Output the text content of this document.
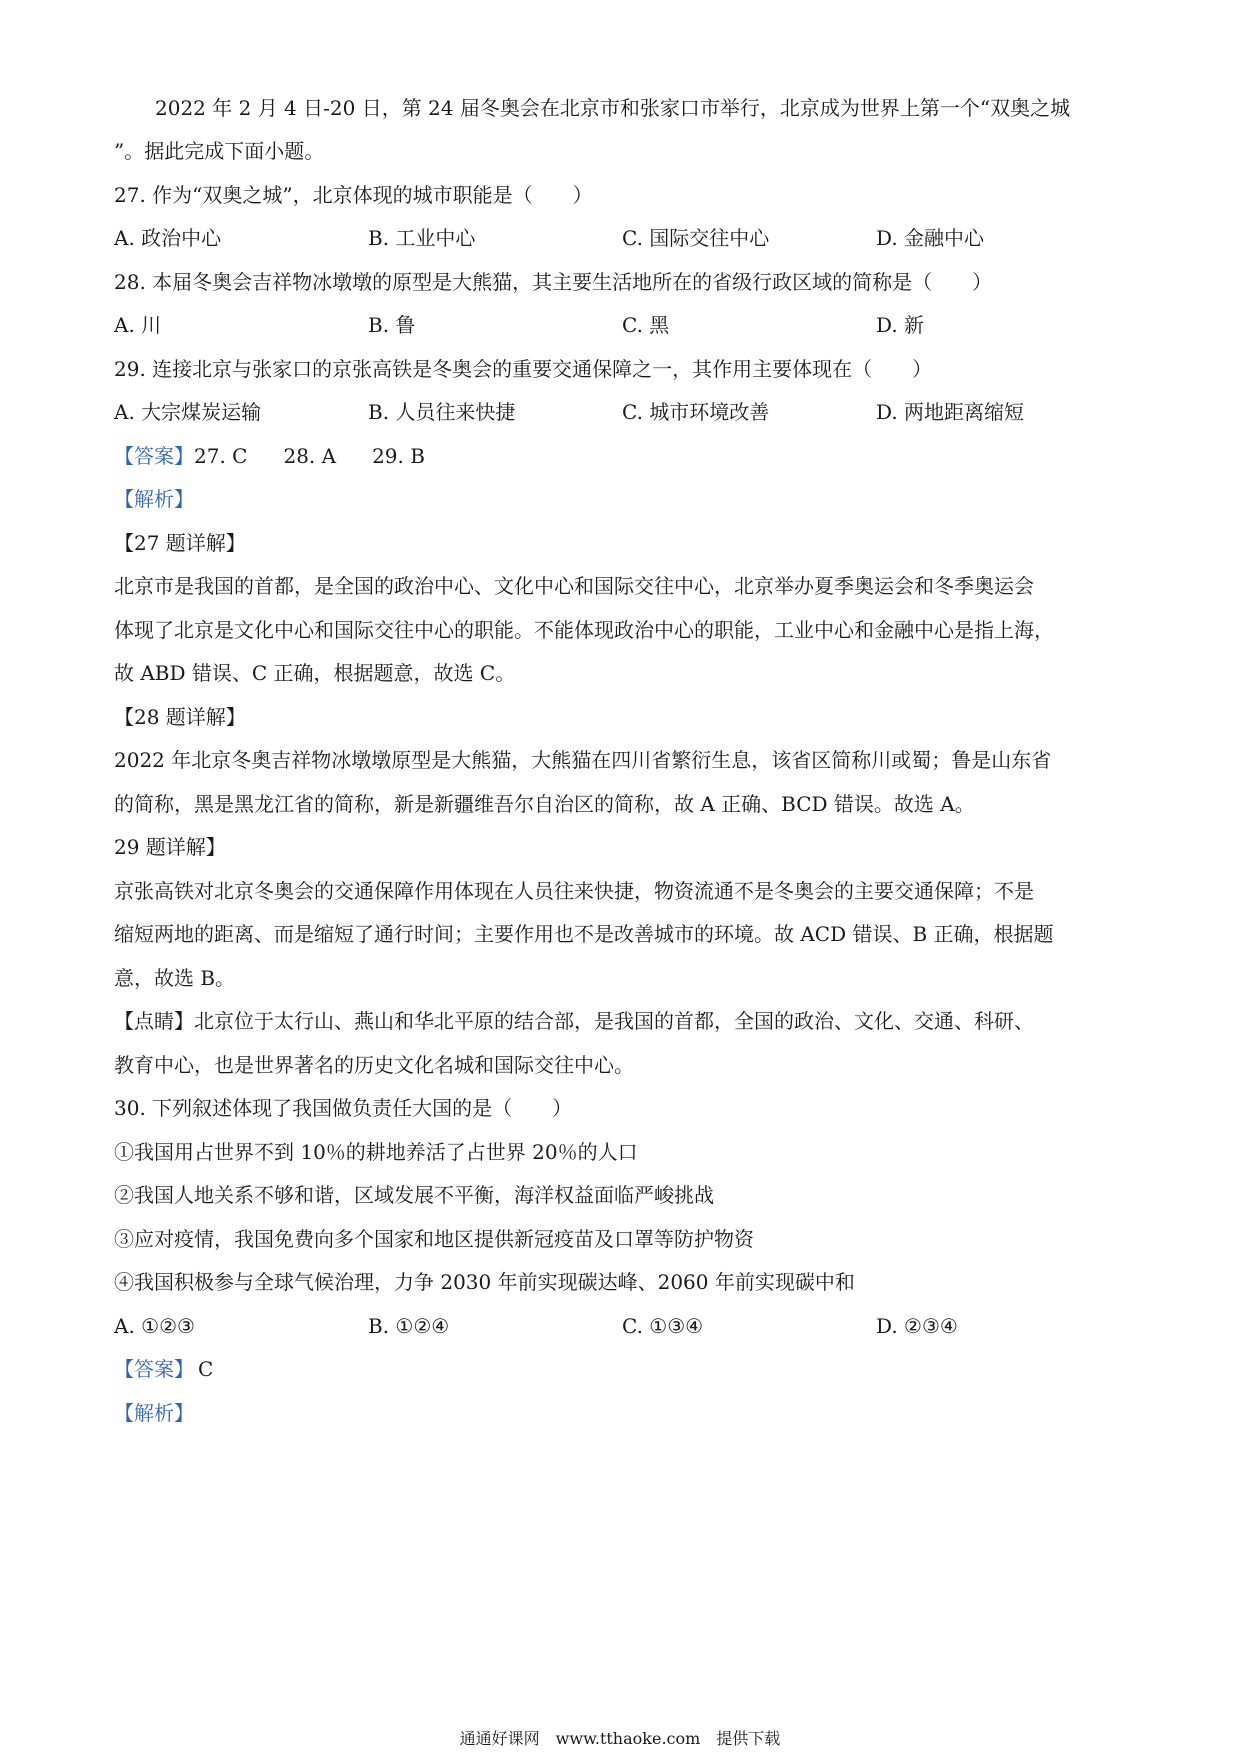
2022 年 2 月 4 日-20 日，第 24 届冬奥会在北京市和张家口市举行，北京成为世界上第一个“双奥之城
”。据此完成下面小题。
27. 作为“双奥之城”，北京体现的城市职能是（　　）
A. 政治中心	B. 工业中心	C. 国际交往中心	D. 金融中心
28. 本届冬奥会吉祥物冰墩墩的原型是大熊猫，其主要生活地所在的省级行政区域的简称是（　　）
A. 川	B. 鲁	C. 黑	D. 新
29. 连接北京与张家口的京张高铁是冬奥会的重要交通保障之一，其作用主要体现在（　　）
A. 大宗煤炭运输	B. 人员往来快捷	C. 城市环境改善	D. 两地距离缩短
【答案】27. C 28. A 29. B
【解析】
【27 题详解】
北京市是我国的首都，是全国的政治中心、文化中心和国际交往中心，北京举办夏季奥运会和冬季奥运会
体现了北京是文化中心和国际交往中心的职能。不能体现政治中心的职能，工业中心和金融中心是指上海，
故 ABD 错误、C 正确，根据题意，故选 C。
【28 题详解】
2022 年北京冬奥吉祥物冰墩墩原型是大熊猫，大熊猫在四川省繁衍生息，该省区简称川或蜀；鲁是山东省
的简称，黑是黑龙江省的简称，新是新疆维吾尔自治区的简称，故 A 正确、BCD 错误。故选 A。
29 题详解】
京张高铁对北京冬奥会的交通保障作用体现在人员往来快捷，物资流通不是冬奥会的主要交通保障；不是
缩短两地的距离、而是缩短了通行时间；主要作用也不是改善城市的环境。故 ACD 错误、B 正确，根据题
意，故选 B。
【点睛】北京位于太行山、燕山和华北平原的结合部，是我国的首都，全国的政治、文化、交通、科研、
教育中心，也是世界著名的历史文化名城和国际交往中心。
30. 下列叙述体现了我国做负责任大国的是（　　）
①我国用占世界不到 10％的耕地养活了占世界 20％的人口
②我国人地关系不够和谐，区域发展不平衡，海洋权益面临严峻挑战
③应对疫情，我国免费向多个国家和地区提供新冠疫苗及口罩等防护物资
④我国积极参与全球气候治理，力争 2030 年前实现碳达峰、2060 年前实现碳中和
A. ①②③	B. ①②④	C. ①③④	D. ②③④
【答案】 C
【解析】
通通好课网　www.tthaoke.com　提供下载
